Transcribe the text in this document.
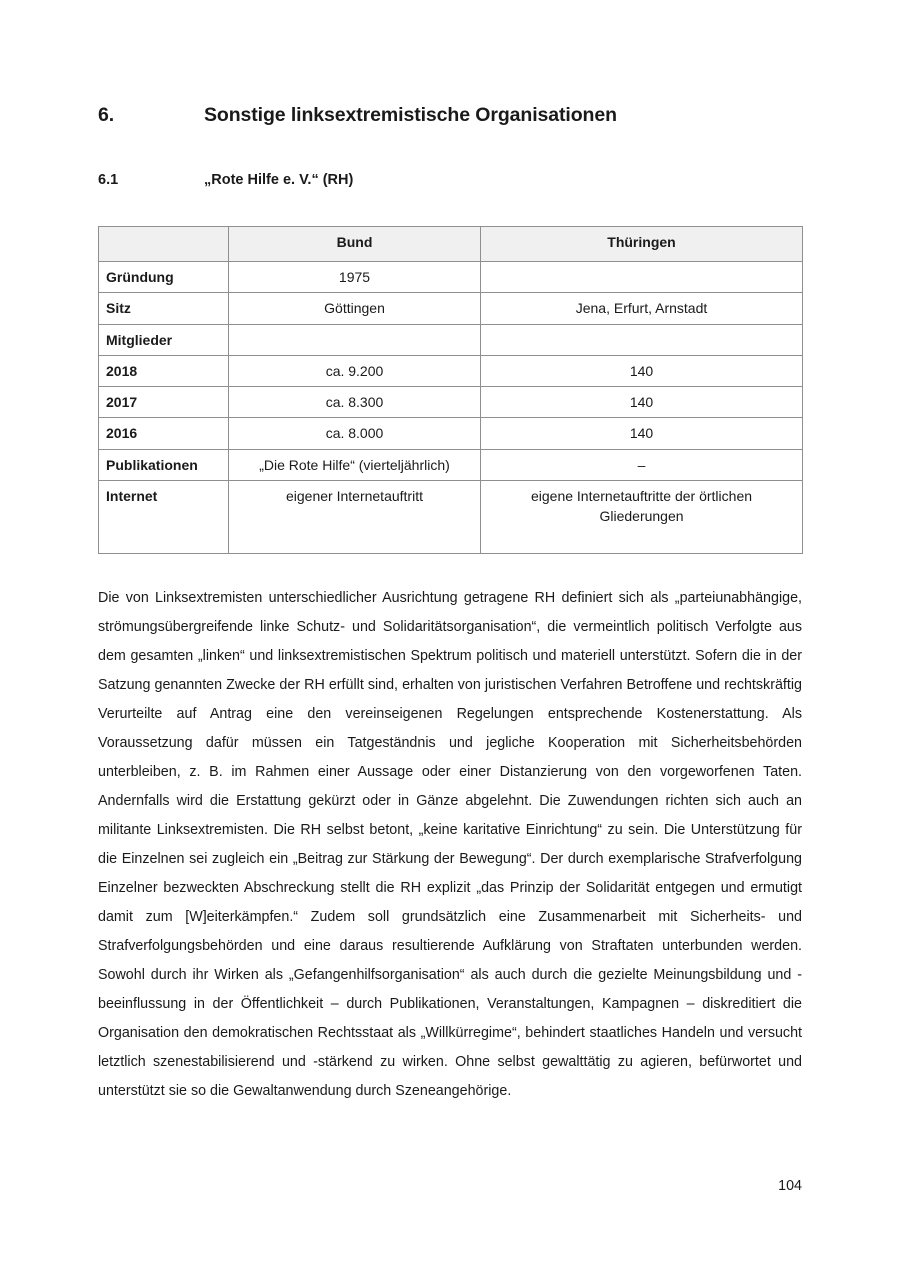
6.	Sonstige linksextremistische Organisationen
6.1	„Rote Hilfe e. V.“ (RH)
	Bund	Thüringen
Gründung	1975	
Sitz	Göttingen	Jena, Erfurt, Arnstadt
Mitglieder		
2018	ca. 9.200	140
2017	ca. 8.300	140
2016	ca. 8.000	140
Publikationen	„Die Rote Hilfe“ (vierteljährlich)	–
Internet	eigener Internetauftritt	eigene Internetauftritte der örtlichen Gliederungen

Die von Linksextremisten unterschiedlicher Ausrichtung getragene RH definiert sich als „parteiunabhängige, strömungsübergreifende linke Schutz- und Solidaritätsorganisation“, die vermeintlich politisch Verfolgte aus dem gesamten „linken“ und linksextremistischen Spektrum politisch und materiell unterstützt. Sofern die in der Satzung genannten Zwecke der RH erfüllt sind, erhalten von juristischen Verfahren Betroffene und rechtskräftig Verurteilte auf Antrag eine den vereinseigenen Regelungen entsprechende Kostenerstattung. Als Voraussetzung dafür müssen ein Tatgeständnis und jegliche Kooperation mit Sicherheitsbehörden unterbleiben, z. B. im Rahmen einer Aussage oder einer Distanzierung von den vorgeworfenen Taten. Andernfalls wird die Erstattung gekürzt oder in Gänze abgelehnt. Die Zuwendungen richten sich auch an militante Linksextremisten. Die RH selbst betont, „keine karitative Einrichtung“ zu sein. Die Unterstützung für die Einzelnen sei zugleich ein „Beitrag zur Stärkung der Bewegung“. Der durch exemplarische Strafverfolgung Einzelner bezweckten Abschreckung stellt die RH explizit „das Prinzip der Solidarität entgegen und ermutigt damit zum [W]eiterkämpfen.“ Zudem soll grundsätzlich eine Zusammenarbeit mit Sicherheits- und Strafverfolgungsbehörden und eine daraus resultierende Aufklärung von Straftaten unterbunden werden. Sowohl durch ihr Wirken als „Gefangenhilfsorganisation“ als auch durch die gezielte Meinungsbildung und -beeinflussung in der Öffentlichkeit – durch Publikationen, Veranstaltungen, Kampagnen – diskreditiert die Organisation den demokratischen Rechtsstaat als „Willkürregime“, behindert staatliches Handeln und versucht letztlich szenestabilisierend und -stärkend zu wirken. Ohne selbst gewalttätig zu agieren, befürwortet und unterstützt sie so die Gewaltanwendung durch Szeneangehörige.

104
